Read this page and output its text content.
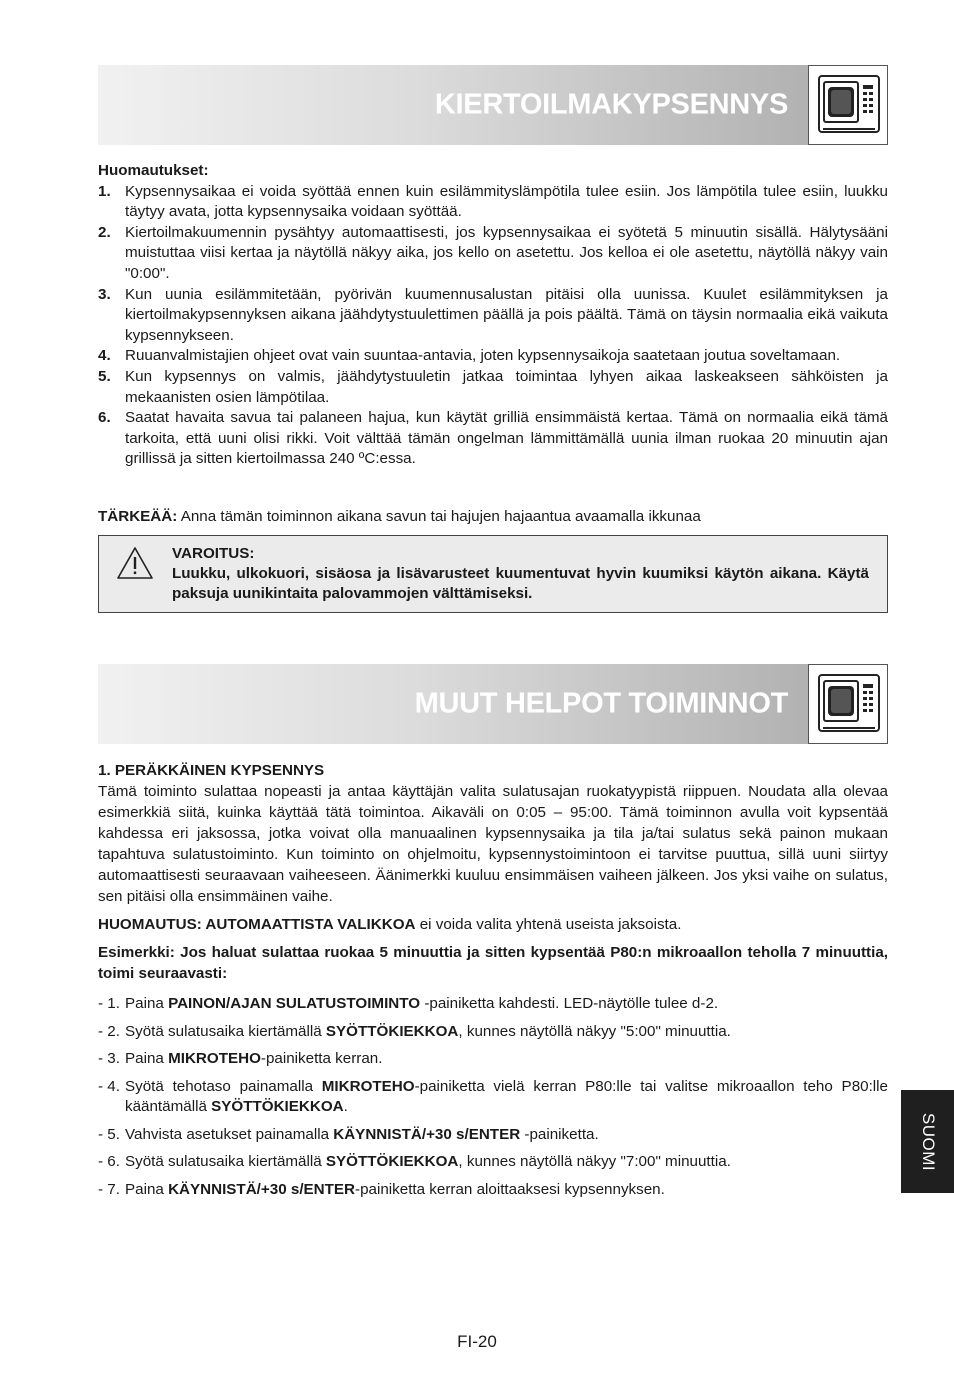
KIERTOILMAKYPSENNYS
Huomautukset:
1. Kypsennysaikaa ei voida syöttää ennen kuin esilämmityslämpötila tulee esiin. Jos lämpötila tulee esiin, luukku täytyy avata, jotta kypsennysaika voidaan syöttää.
2. Kiertoilmakuumennin pysähtyy automaattisesti, jos kypsennysaikaa ei syötetä 5 minuutin sisällä. Hälytysääni muistuttaa viisi kertaa ja näytöllä näkyy aika, jos kello on asetettu. Jos kelloa ei ole asetettu, näytöllä näkyy vain "0:00".
3. Kun uunia esilämmitetään, pyörivän kuumennusalustan pitäisi olla uunissa. Kuulet esilämmityksen ja kiertoilmakypsennyksen aikana jäähdytystuulettimen päällä ja pois päältä. Tämä on täysin normaalia eikä vaikuta kypsennykseen.
4. Ruuanvalmistajien ohjeet ovat vain suuntaa-antavia, joten kypsennysaikoja saatetaan joutua soveltamaan.
5. Kun kypsennys on valmis, jäähdytystuuletin jatkaa toimintaa lyhyen aikaa laskeakseen sähköisten ja mekaanisten osien lämpötilaa.
6. Saatat havaita savua tai palaneen hajua, kun käytät grilliä ensimmäistä kertaa. Tämä on normaalia eikä tämä tarkoita, että uuni olisi rikki. Voit välttää tämän ongelman lämmittämällä uunia ilman ruokaa 20 minuutin ajan grillissä ja sitten kiertoilmassa 240 ºC:essa.
TÄRKEÄÄ: Anna tämän toiminnon aikana savun tai hajujen hajaantua avaamalla ikkunaa
VAROITUS:
Luukku, ulkokuori, sisäosa ja lisävarusteet kuumentuvat hyvin kuumiksi käytön aikana. Käytä paksuja uunikintaita palovammojen välttämiseksi.
MUUT HELPOT TOIMINNOT
1. PERÄKKÄINEN KYPSENNYS

Tämä toiminto sulattaa nopeasti ja antaa käyttäjän valita sulatusajan ruokatyypistä riippuen. Noudata alla olevaa esimerkkiä siitä, kuinka käyttää tätä toimintoa. Aikaväli on 0:05 – 95:00. Tämä toiminnon avulla voit kypsentää kahdessa eri jaksossa, jotka voivat olla manuaalinen kypsennysaika ja tila ja/tai sulatus sekä painon mukaan tapahtuva sulatustoiminto. Kun toiminto on ohjelmoitu, kypsennystoimintoon ei tarvitse puuttua, sillä uuni siirtyy automaattisesti seuraavaan vaiheeseen. Äänimerkki kuuluu ensimmäisen vaiheen jälkeen. Jos yksi vaihe on sulatus, sen pitäisi olla ensimmäinen vaihe.

HUOMAUTUS: AUTOMAATTISTA VALIKKOA ei voida valita yhtenä useista jaksoista.

Esimerkki: Jos haluat sulattaa ruokaa 5 minuuttia ja sitten kypsentää P80:n mikroaallon teholla 7 minuuttia, toimi seuraavasti:

- 1. Paina PAINON/AJAN SULATUSTOIMINTO -painiketta kahdesti. LED-näytölle tulee d-2.
- 2. Syötä sulatusaika kiertämällä SYÖTTÖKIEKKOA, kunnes näytöllä näkyy "5:00" minuuttia.
- 3. Paina MIKROTEHO-painiketta kerran.
- 4. Syötä tehotaso painamalla MIKROTEHO-painiketta vielä kerran P80:lle tai valitse mikroaallon teho P80:lle kääntämällä SYÖTTÖKIEKKOA.
- 5. Vahvista asetukset painamalla KÄYNNISTÄ/+30 s/ENTER -painiketta.
- 6. Syötä sulatusaika kiertämällä SYÖTTÖKIEKKOA, kunnes näytöllä näkyy "7:00" minuuttia.
- 7. Paina KÄYNNISTÄ/+30 s/ENTER-painiketta kerran aloittaaksesi kypsennyksen.
SUOMI
FI-20
